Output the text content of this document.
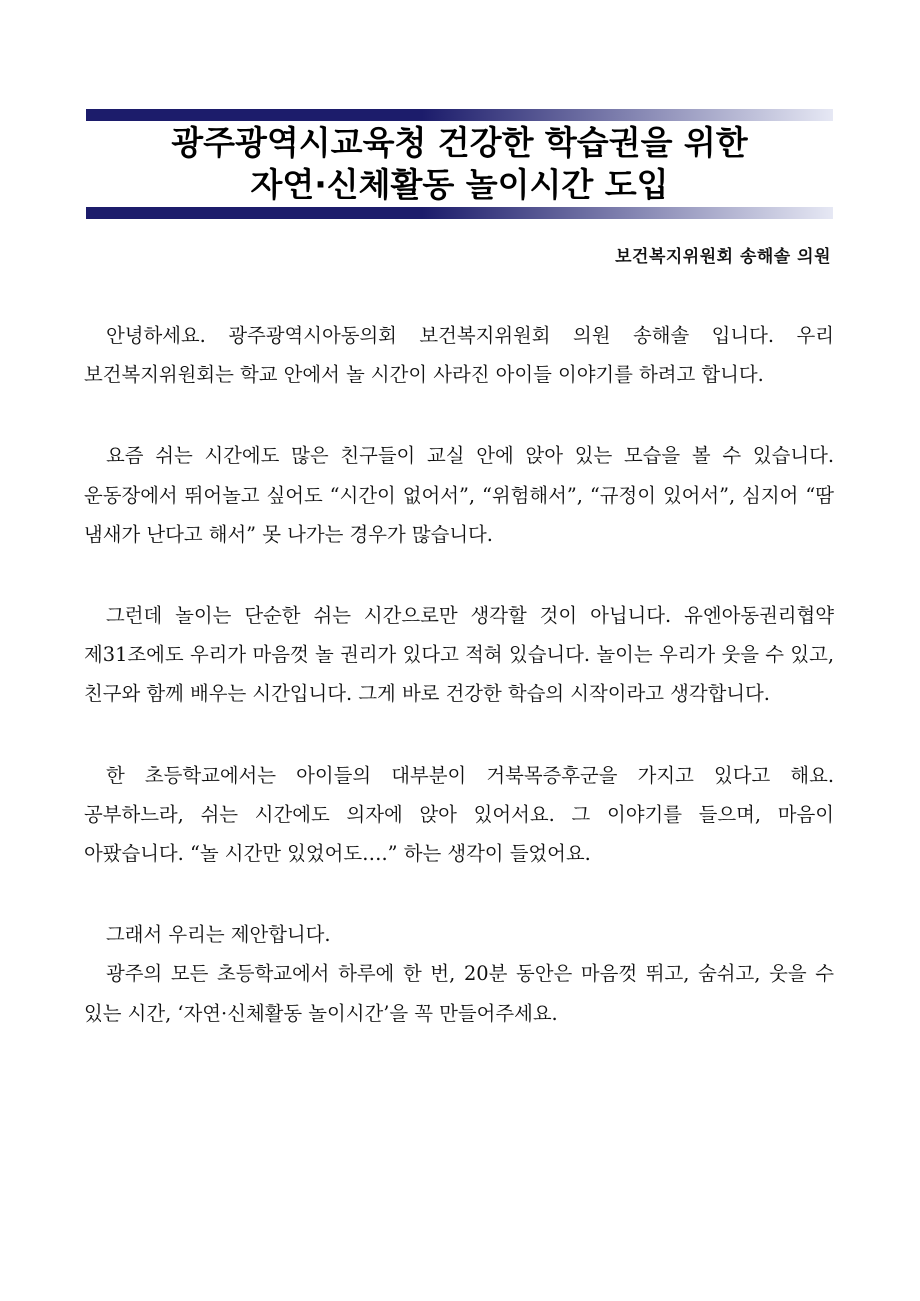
광주광역시교육청 건강한 학습권을 위한
자연·신체활동 놀이시간 도입
보건복지위원회 송해솔 의원

안녕하세요. 광주광역시아동의회 보건복지위원회 의원 송해솔 입니다. 우리 보건복지위원회는 학교 안에서 놀 시간이 사라진 아이들 이야기를 하려고 합니다.

요즘 쉬는 시간에도 많은 친구들이 교실 안에 앉아 있는 모습을 볼 수 있습니다. 운동장에서 뛰어놀고 싶어도 “시간이 없어서”, “위험해서”, “규정이 있어서”, 심지어 “땀 냄새가 난다고 해서” 못 나가는 경우가 많습니다.

그런데 놀이는 단순한 쉬는 시간으로만 생각할 것이 아닙니다. 유엔아동권리협약 제31조에도 우리가 마음껏 놀 권리가 있다고 적혀 있습니다. 놀이는 우리가 웃을 수 있고, 친구와 함께 배우는 시간입니다. 그게 바로 건강한 학습의 시작이라고 생각합니다.

한 초등학교에서는 아이들의 대부분이 거북목증후군을 가지고 있다고 해요. 공부하느라, 쉬는 시간에도 의자에 앉아 있어서요. 그 이야기를 들으며, 마음이 아팠습니다. “놀 시간만 있었어도….” 하는 생각이 들었어요.

그래서 우리는 제안합니다.

광주의 모든 초등학교에서 하루에 한 번, 20분 동안은 마음껏 뛰고, 숨쉬고, 웃을 수 있는 시간, ‘자연·신체활동 놀이시간’을 꼭 만들어주세요.
